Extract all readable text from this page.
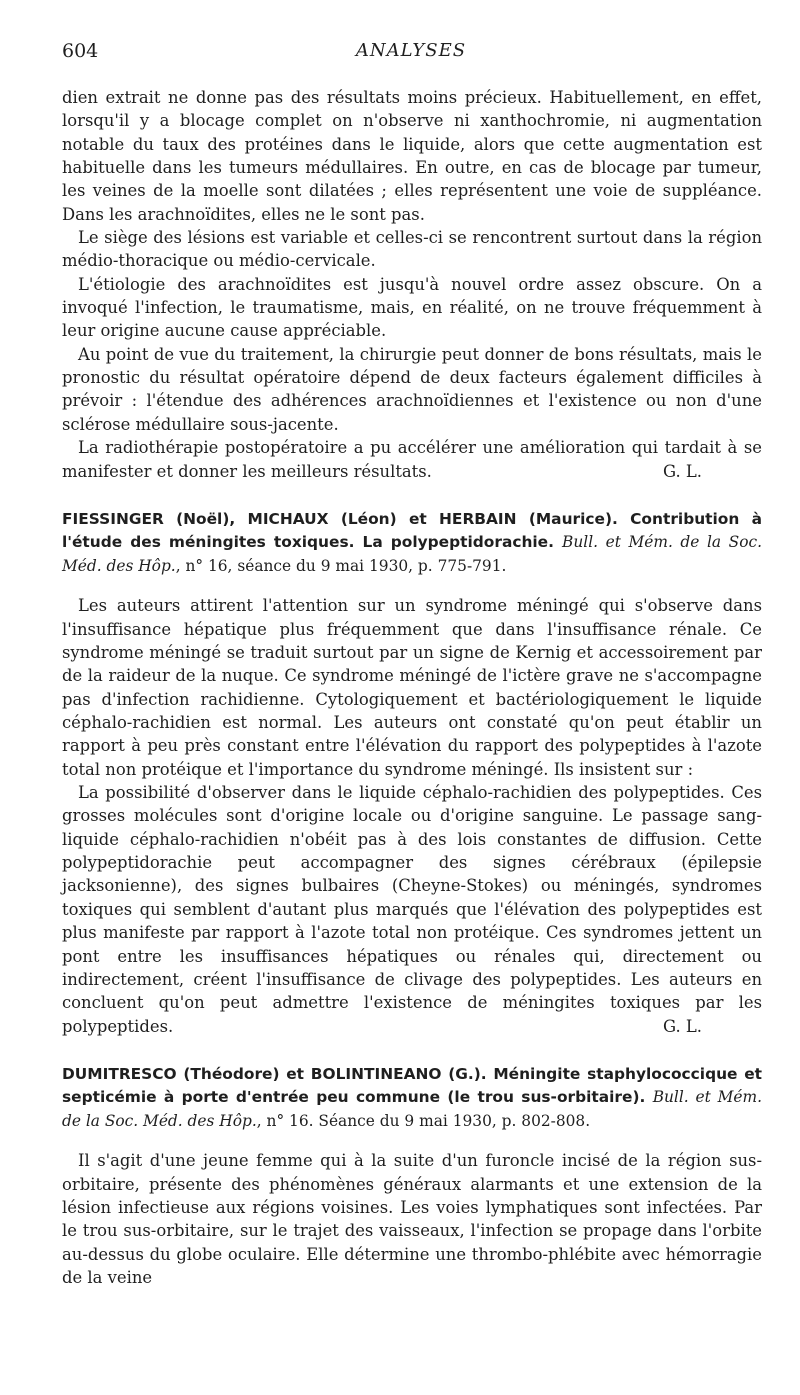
604	ANALYSES

dien extrait ne donne pas des résultats moins précieux. Habituellement, en effet, lorsqu'il y a blocage complet on n'observe ni xanthochromie, ni augmentation notable du taux des protéines dans le liquide, alors que cette augmentation est habituelle dans les tumeurs médullaires. En outre, en cas de blocage par tumeur, les veines de la moelle sont dilatées ; elles représentent une voie de suppléance. Dans les arachnoïdites, elles ne le sont pas.

Le siège des lésions est variable et celles-ci se rencontrent surtout dans la région médio-thoracique ou médio-cervicale.

L'étiologie des arachnoïdites est jusqu'à nouvel ordre assez obscure. On a invoqué l'infection, le traumatisme, mais, en réalité, on ne trouve fréquemment à leur origine aucune cause appréciable.

Au point de vue du traitement, la chirurgie peut donner de bons résultats, mais le pronostic du résultat opératoire dépend de deux facteurs également difficiles à prévoir : l'étendue des adhérences arachnoïdiennes et l'existence ou non d'une sclérose médullaire sous-jacente.

La radiothérapie postopératoire a pu accélérer une amélioration qui tardait à se manifester et donner les meilleurs résultats.	G. L.

FIESSINGER (Noël), MICHAUX (Léon) et HERBAIN (Maurice). Contribution à l'étude des méningites toxiques. La polypeptidorachie. Bull. et Mém. de la Soc. Méd. des Hôp., n° 16, séance du 9 mai 1930, p. 775-791.

Les auteurs attirent l'attention sur un syndrome méningé qui s'observe dans l'insuffisance hépatique plus fréquemment que dans l'insuffisance rénale. Ce syndrome méningé se traduit surtout par un signe de Kernig et accessoirement par de la raideur de la nuque. Ce syndrome méningé de l'ictère grave ne s'accompagne pas d'infection rachidienne. Cytologiquement et bactériologiquement le liquide céphalo-rachidien est normal. Les auteurs ont constaté qu'on peut établir un rapport à peu près constant entre l'élévation du rapport des polypeptides à l'azote total non protéique et l'importance du syndrome méningé. Ils insistent sur :

La possibilité d'observer dans le liquide céphalo-rachidien des polypeptides. Ces grosses molécules sont d'origine locale ou d'origine sanguine. Le passage sang-liquide céphalo-rachidien n'obéit pas à des lois constantes de diffusion. Cette polypeptidorachie peut accompagner des signes cérébraux (épilepsie jacksonienne), des signes bulbaires (Cheyne-Stokes) ou méningés, syndromes toxiques qui semblent d'autant plus marqués que l'élévation des polypeptides est plus manifeste par rapport à l'azote total non protéique. Ces syndromes jettent un pont entre les insuffisances hépatiques ou rénales qui, directement ou indirectement, créent l'insuffisance de clivage des polypeptides. Les auteurs en concluent qu'on peut admettre l'existence de méningites toxiques par les polypeptides.	G. L.

DUMITRESCO (Théodore) et BOLINTINEANO (G.). Méningite staphylococcique et septicémie à porte d'entrée peu commune (le trou sus-orbitaire). Bull. et Mém. de la Soc. Méd. des Hôp., n° 16. Séance du 9 mai 1930, p. 802-808.

Il s'agit d'une jeune femme qui à la suite d'un furoncle incisé de la région sus-orbitaire, présente des phénomènes généraux alarmants et une extension de la lésion infectieuse aux régions voisines. Les voies lymphatiques sont infectées. Par le trou sus-orbitaire, sur le trajet des vaisseaux, l'infection se propage dans l'orbite au-dessus du globe oculaire. Elle détermine une thrombo-phlébite avec hémorragie de la veine
